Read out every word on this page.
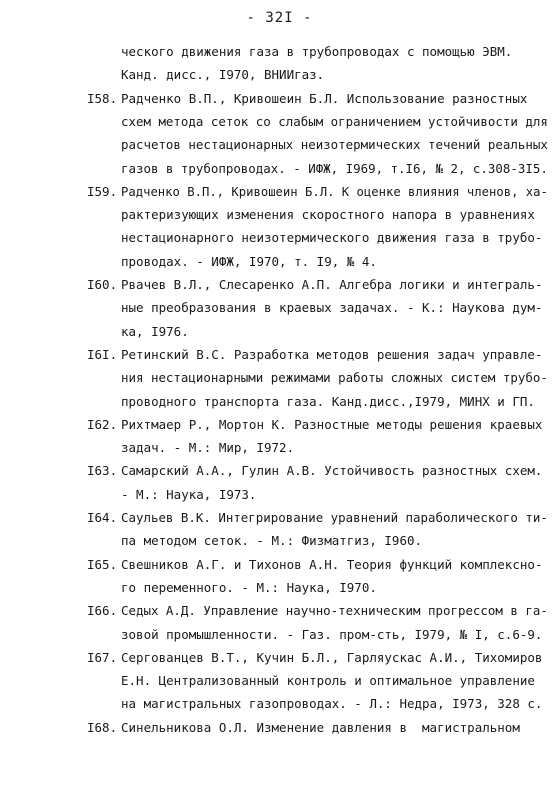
- 32I -
ческого движения газа в трубопроводах с помощью ЭВМ.
Канд. дисс., I970, ВНИИгаз.
I58. Радченко В.П., Кривошеин Б.Л. Использование разностных
схем метода сеток со слабым ограничением устойчивости для
расчетов нестационарных неизотермических течений реальных
газов в трубопроводах. - ИФЖ, I969, т.I6, № 2, с.308-3I5.
I59. Радченко В.П., Кривошеин Б.Л. К оценке влияния членов, ха-
рактеризующих изменения скоростного напора в уравнениях
нестационарного неизотермического движения газа в трубо-
проводах. - ИФЖ, I970, т. I9, № 4.
I60. Рвачев В.Л., Слесаренко А.П. Алгебра логики и интеграль-
ные преобразования в краевых задачах. - К.: Наукова дум-
ка, I976.
I6I. Ретинский В.С. Разработка методов решения задач управле-
ния нестационарными режимами работы сложных систем трубо-
проводного транспорта газа. Канд.дисс.,I979, МИНХ и ГП.
I62. Рихтмаер Р., Мортон К. Разностные методы решения краевых
задач. - М.: Мир, I972.
I63. Самарский А.А., Гулин А.В. Устойчивость разностных схем.
- М.: Наука, I973.
I64. Саульев В.К. Интегрирование уравнений параболического ти-
па методом сеток. - М.: Физматгиз, I960.
I65. Свешников А.Г. и Тихонов А.Н. Теория функций комплексно-
го переменного. - М.: Наука, I970.
I66. Седых А.Д. Управление научно-техническим прогрессом в га-
зовой промышленности. - Газ. пром-сть, I979, № I, с.6-9.
I67. Сергованцев В.Т., Кучин Б.Л., Гарляускас А.И., Тихомиров
Е.Н. Централизованный контроль и оптимальное управление
на магистральных газопроводах. - Л.: Недра, I973, 328 с.
I68. Синельникова О.Л. Изменение давления в  магистральном
